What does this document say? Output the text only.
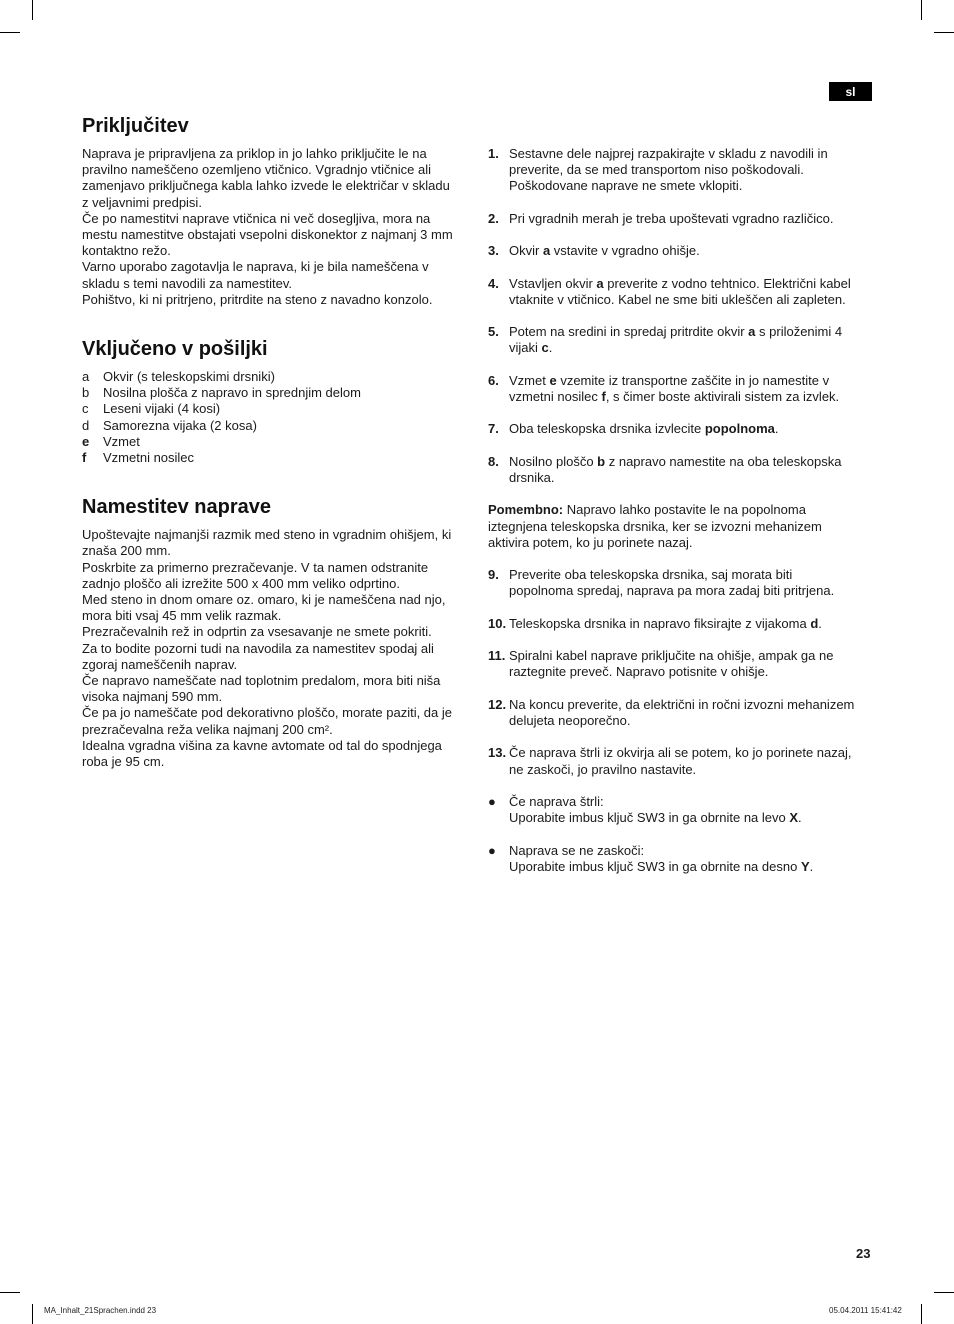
sl
Priključitev

Naprava je pripravljena za priklop in jo lahko priključite le na
pravilno nameščeno ozemljeno vtičnico. Vgradnjo vtičnice ali
zamenjavo priključnega kabla lahko izvede le električar v skladu
z veljavnimi predpisi.
Če po namestitvi naprave vtičnica ni več dosegljiva, mora na
mestu namestitve obstajati vsepolni diskonektor z najmanj 3 mm
kontaktno režo.
Varno uporabo zagotavlja le naprava, ki je bila nameščena v
skladu s temi navodili za namestitev.
Pohištvo, ki ni pritrjeno, pritrdite na steno z navadno konzolo.

Vključeno v pošiljki
a	Okvir (s teleskopskimi drsniki)
b	Nosilna plošča z napravo in sprednjim delom
c	Leseni vijaki (4 kosi)
d	Samorezna vijaka (2 kosa)
e	Vzmet
f	Vzmetni nosilec
Namestitev naprave

Upoštevajte najmanjši razmik med steno in vgradnim ohišjem, ki
znaša 200 mm.
Poskrbite za primerno prezračevanje. V ta namen odstranite
zadnjo ploščo ali izrežite 500 x 400 mm veliko odprtino.
Med steno in dnom omare oz. omaro, ki je nameščena nad njo,
mora biti vsaj 45 mm velik razmak.
Prezračevalnih rež in odprtin za vsesavanje ne smete pokriti.
Za to bodite pozorni tudi na navodila za namestitev spodaj ali
zgoraj nameščenih naprav.
Če napravo nameščate nad toplotnim predalom, mora biti niša
visoka najmanj 590 mm.
Če pa jo nameščate pod dekorativno ploščo, morate paziti, da je
prezračevalna reža velika najmanj 200 cm².
Idealna vgradna višina za kavne avtomate od tal do spodnjega
roba je 95 cm.

1. Sestavne dele najprej razpakirajte v skladu z navodili in
preverite, da se med transportom niso poškodovali.
Poškodovane naprave ne smete vklopiti.
2. Pri vgradnih merah je treba upoštevati vgradno različico.
3. Okvir a vstavite v vgradno ohišje.
4. Vstavljen okvir a preverite z vodno tehtnico. Električni kabel
vtaknite v vtičnico. Kabel ne sme biti ukleščen ali zapleten.
5. Potem na sredini in spredaj pritrdite okvir a s priloženimi 4
vijaki c.
6. Vzmet e vzemite iz transportne zaščite in jo namestite v
vzmetni nosilec f, s čimer boste aktivirali sistem za izvlek.
7. Oba teleskopska drsnika izvlecite popolnoma.
8. Nosilno ploščo b z napravo namestite na oba teleskopska
drsnika.

Pomembno: Napravo lahko postavite le na popolnoma
iztegnjena teleskopska drsnika, ker se izvozni mehanizem
aktivira potem, ko ju porinete nazaj.

9. Preverite oba teleskopska drsnika, saj morata biti
popolnoma spredaj, naprava pa mora zadaj biti pritrjena.
10. Teleskopska drsnika in napravo fiksirajte z vijakoma d.
11. Spiralni kabel naprave priključite na ohišje, ampak ga ne
raztegnite preveč. Napravo potisnite v ohišje.
12. Na koncu preverite, da električni in ročni izvozni mehanizem
delujeta neoporečno.
13. Če naprava štrli iz okvirja ali se potem, ko jo porinete nazaj,
ne zaskoči, jo pravilno nastavite.
●	Če naprava štrli:
Uporabite imbus ključ SW3 in ga obrnite na levo X.
●	Naprava se ne zaskoči:
Uporabite imbus ključ SW3 in ga obrnite na desno Y.
23
MA_Inhalt_21Sprachen.indd 23	05.04.2011 15:41:42
